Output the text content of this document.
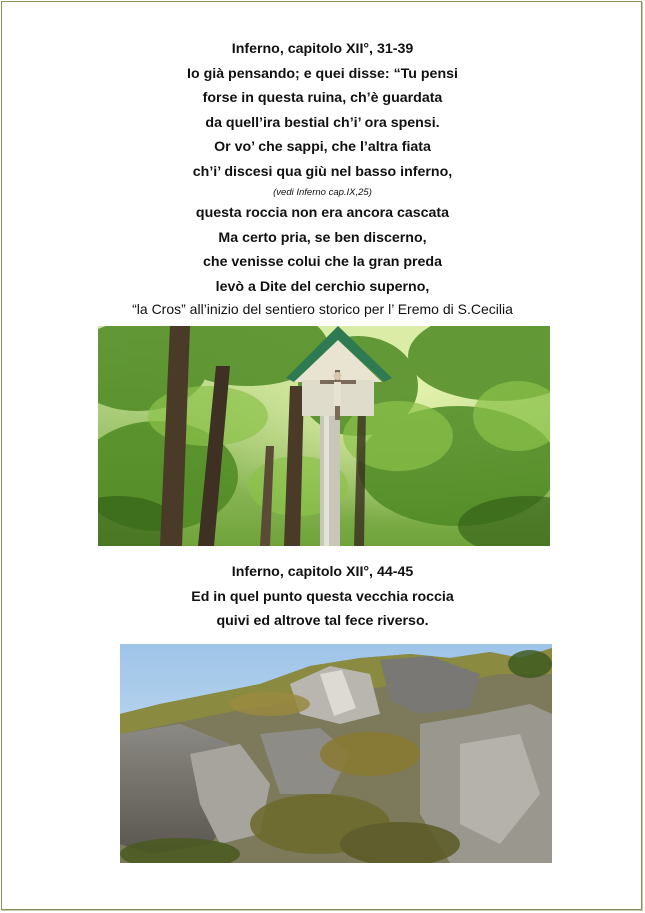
Inferno, capitolo XII°, 31-39
Io già pensando; e quei disse: “Tu pensi
forse in questa ruina, ch’è guardata
da quell’ira bestial ch’i’ ora spensi.
Or vo’ che sappi, che l’altra fiata
ch’i’ discesi qua giù nel basso inferno,
(vedi Inferno cap.IX,25)
questa roccia non era ancora cascata
Ma certo pria, se ben discerno,
che venisse colui che la gran preda
levò a Dite del cerchio superno,
“la Cros” all’inizio del sentiero storico per l’ Eremo di S.Cecilia
Inferno, capitolo XII°, 44-45
Ed in quel punto questa vecchia roccia
quivi ed altrove tal fece riverso.
